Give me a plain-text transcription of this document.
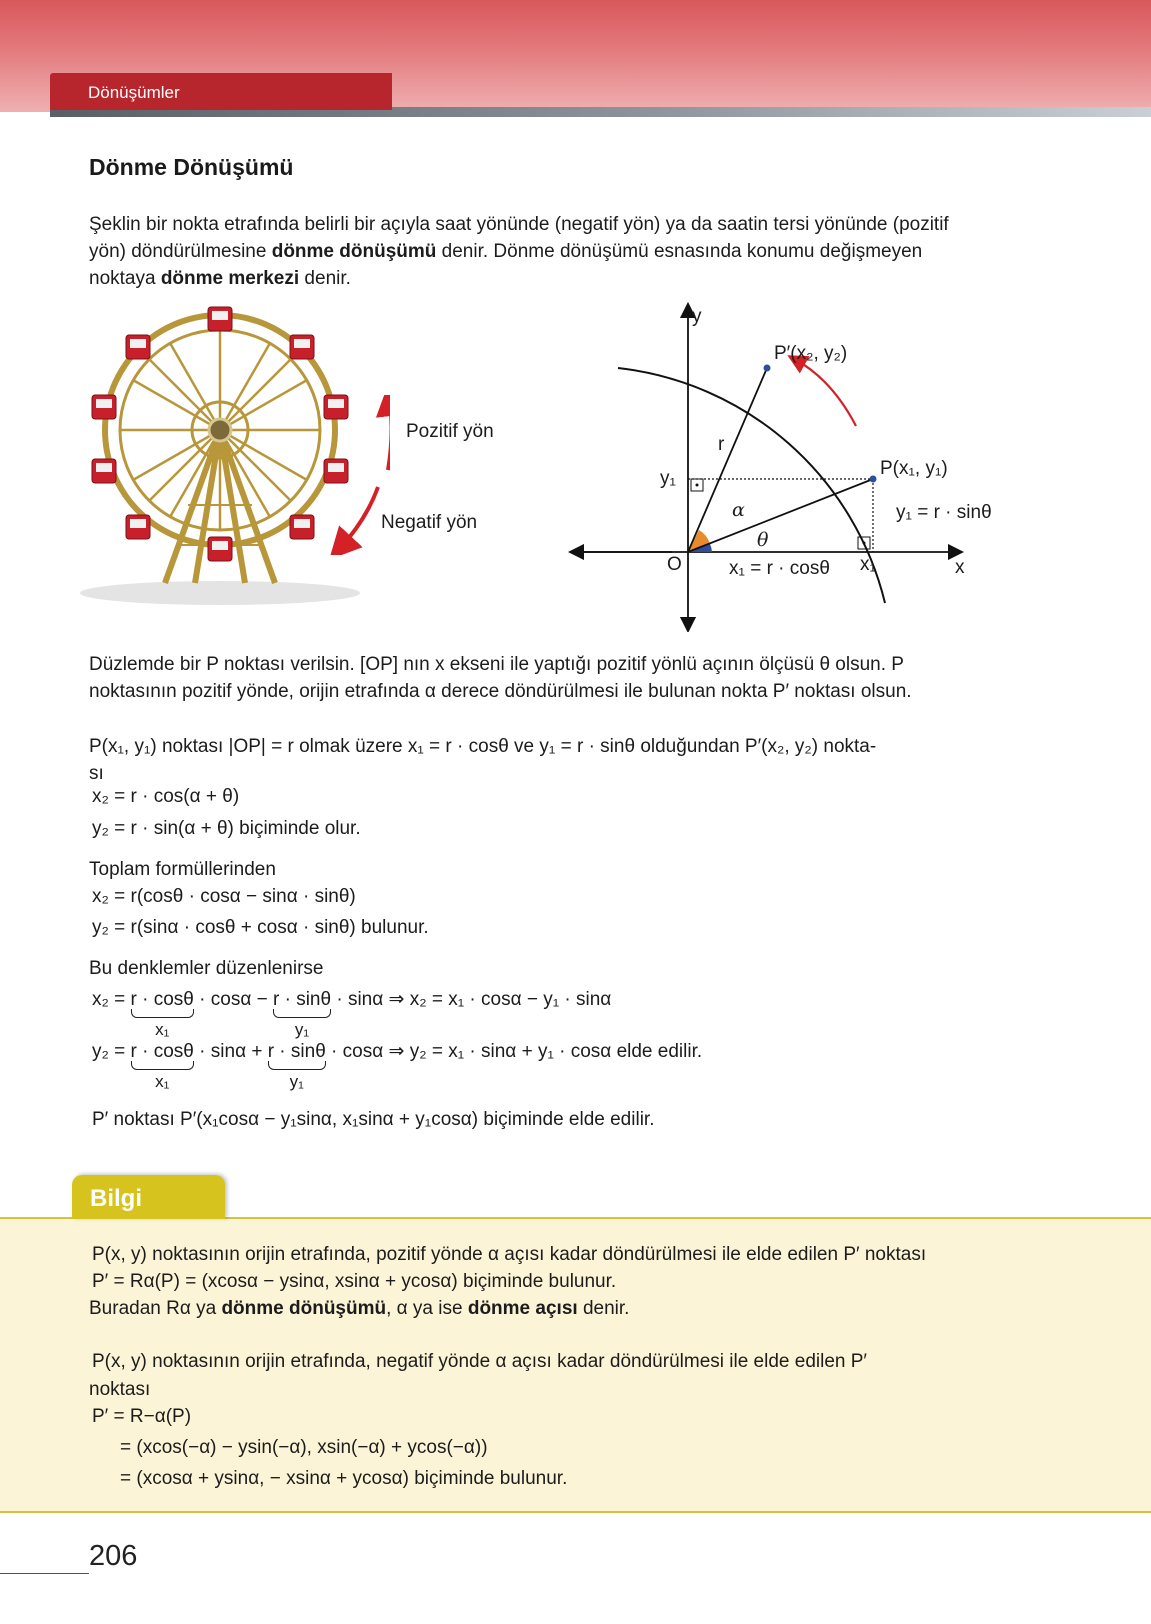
Dönüşümler
Dönme Dönüşümü
Şeklin bir nokta etrafında belirli bir açıyla saat yönünde (negatif yön) ya da saatin tersi yönünde (pozitif
yön) döndürülmesine dönme dönüşümü denir. Dönme dönüşümü esnasında konumu değişmeyen
noktaya dönme merkezi denir.
Pozitif yön
Negatif yön
y
x
O
P′(x₂, y₂)
P(x₁, y₁)
r
α
θ
y₁
x₁
y₁ = r · sinθ
x₁ = r · cosθ
Düzlemde bir P noktası verilsin. [OP] nın x ekseni ile yaptığı pozitif yönlü açının ölçüsü θ olsun. P
noktasının pozitif yönde, orijin etrafında α derece döndürülmesi ile bulunan nokta P′ noktası olsun.
P(x₁, y₁) noktası |OP| = r olmak üzere x₁ = r · cosθ ve y₁ = r · sinθ olduğundan P′(x₂, y₂) nokta-
sı
x₂ = r · cos(α + θ)
y₂ = r · sin(α + θ) biçiminde olur.
Toplam formüllerinden
x₂ = r(cosθ · cosα − sinα · sinθ)
y₂ = r(sinα · cosθ + cosα · sinθ) bulunur.
Bu denklemler düzenlenirse
x₂ = r · cosθ
x₁
· cosα − r · sinθ
y₁
· sinα ⇒ x₂ = x₁ · cosα − y₁ · sinα
y₂ = r · cosθ
x₁
· sinα + r · sinθ
y₁
· cosα ⇒ y₂ = x₁ · sinα + y₁ · cosα elde edilir.
P′ noktası P′(x₁cosα − y₁sinα, x₁sinα + y₁cosα) biçiminde elde edilir.
Bilgi
P(x, y) noktasının orijin etrafında, pozitif yönde α açısı kadar döndürülmesi ile elde edilen P′ noktası
P′ = Rα(P) = (xcosα − ysinα, xsinα + ycosα) biçiminde bulunur.
Buradan Rα ya dönme dönüşümü, α ya ise dönme açısı denir.
P(x, y) noktasının orijin etrafında, negatif yönde α açısı kadar döndürülmesi ile elde edilen P′
noktası
P′ = R−α(P)
= (xcos(−α) − ysin(−α), xsin(−α) + ycos(−α))
= (xcosα + ysinα, − xsinα + ycosα) biçiminde bulunur.
206
